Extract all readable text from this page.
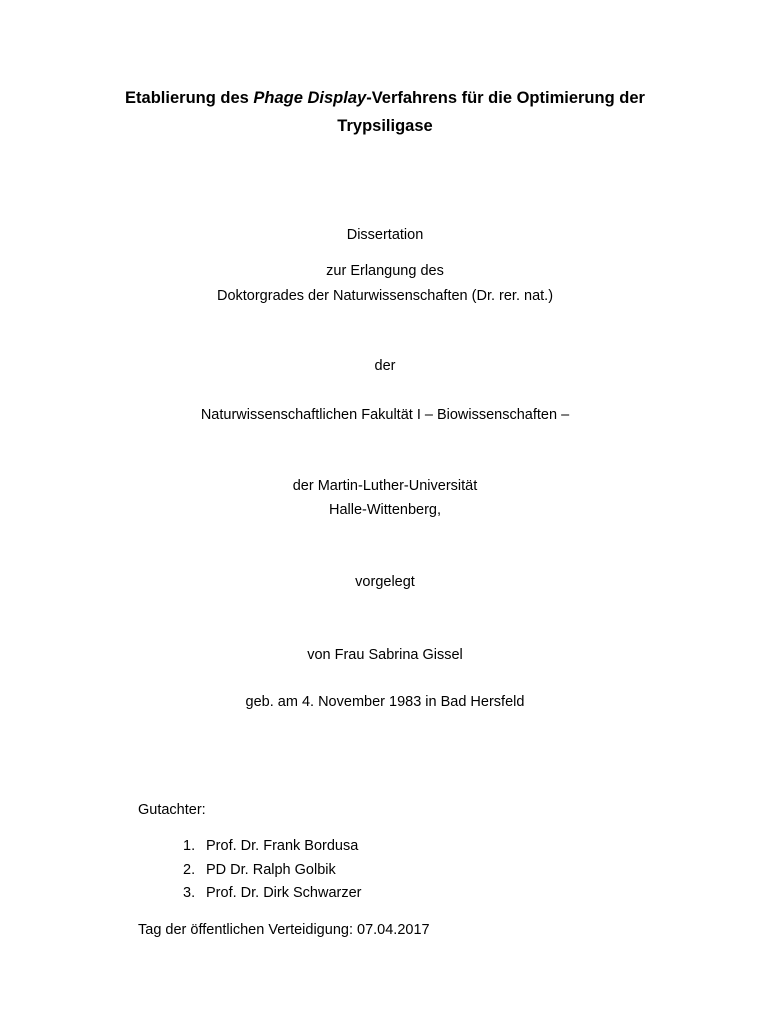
Etablierung des Phage Display-Verfahrens für die Optimierung der
Trypsiligase
Dissertation
zur Erlangung des
Doktorgrades der Naturwissenschaften (Dr. rer. nat.)
der
Naturwissenschaftlichen Fakultät I – Biowissenschaften –
der Martin-Luther-Universität
Halle-Wittenberg,
vorgelegt
von Frau Sabrina Gissel
geb. am 4. November 1983 in Bad Hersfeld
Gutachter:
1. Prof. Dr. Frank Bordusa
2. PD Dr. Ralph Golbik
3. Prof. Dr. Dirk Schwarzer
Tag der öffentlichen Verteidigung: 07.04.2017
